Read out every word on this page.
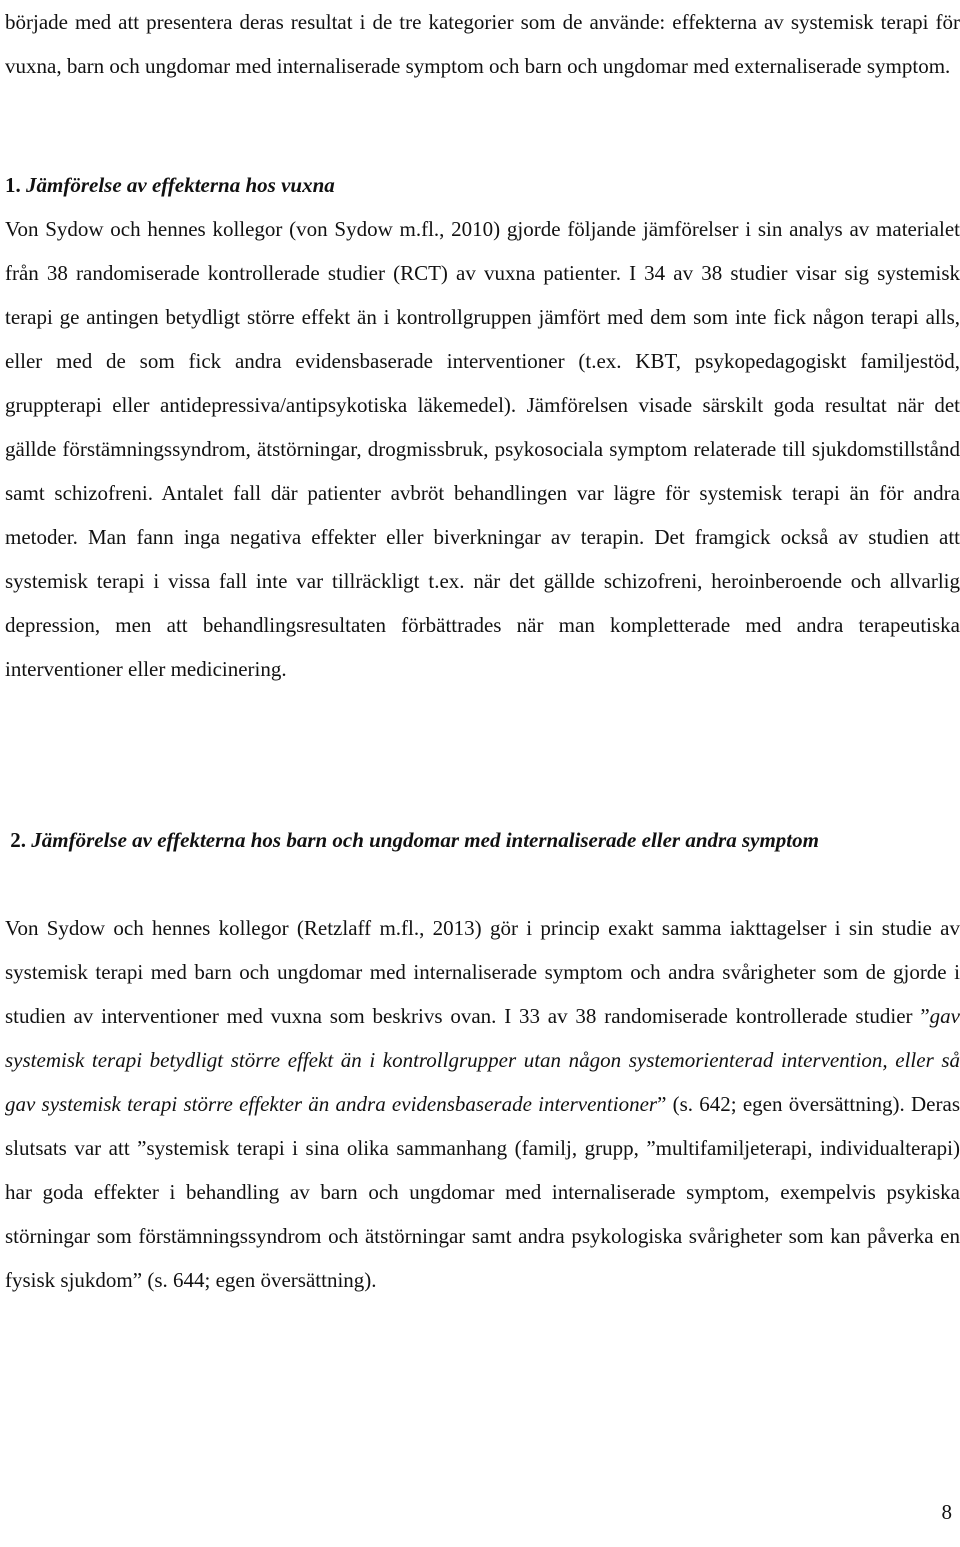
började med att presentera deras resultat i de tre kategorier som de använde: effekterna av systemisk terapi för vuxna, barn och ungdomar med internaliserade symptom och barn och ungdomar med externaliserade symptom.

1. Jämförelse av effekterna hos vuxna

Von Sydow och hennes kollegor (von Sydow m.fl., 2010) gjorde följande jämförelser i sin analys av materialet från 38 randomiserade kontrollerade studier (RCT) av vuxna patienter. I 34 av 38 studier visar sig systemisk terapi ge antingen betydligt större effekt än i kontrollgruppen jämfört med dem som inte fick någon terapi alls, eller med de som fick andra evidensbaserade interventioner (t.ex. KBT, psykopedagogiskt familjestöd, gruppterapi eller antidepressiva/antipsykotiska läkemedel). Jämförelsen visade särskilt goda resultat när det gällde förstämningssyndrom, ätstörningar, drogmissbruk, psykosociala symptom relaterade till sjukdomstillstånd samt schizofreni. Antalet fall där patienter avbröt behandlingen var lägre för systemisk terapi än för andra metoder. Man fann inga negativa effekter eller biverkningar av terapin. Det framgick också av studien att systemisk terapi i vissa fall inte var tillräckligt t.ex. när det gällde schizofreni, heroinberoende och allvarlig depression, men att behandlingsresultaten förbättrades när man kompletterade med andra terapeutiska interventioner eller medicinering.

2. Jämförelse av effekterna hos barn och ungdomar med internaliserade eller andra symptom

Von Sydow och hennes kollegor (Retzlaff m.fl., 2013) gör i princip exakt samma iakttagelser i sin studie av systemisk terapi med barn och ungdomar med internaliserade symptom och andra svårigheter som de gjorde i studien av interventioner med vuxna som beskrivs ovan. I 33 av 38 randomiserade kontrollerade studier ”gav systemisk terapi betydligt större effekt än i kontrollgrupper utan någon systemorienterad intervention, eller så gav systemisk terapi större effekter än andra evidensbaserade interventioner” (s. 642; egen översättning). Deras slutsats var att ”systemisk terapi i sina olika sammanhang (familj, grupp, ”multifamiljeterapi, individualterapi) har goda effekter i behandling av barn och ungdomar med internaliserade symptom, exempelvis psykiska störningar som förstämningssyndrom och ätstörningar samt andra psykologiska svårigheter som kan påverka en fysisk sjukdom” (s. 644; egen översättning).

8
